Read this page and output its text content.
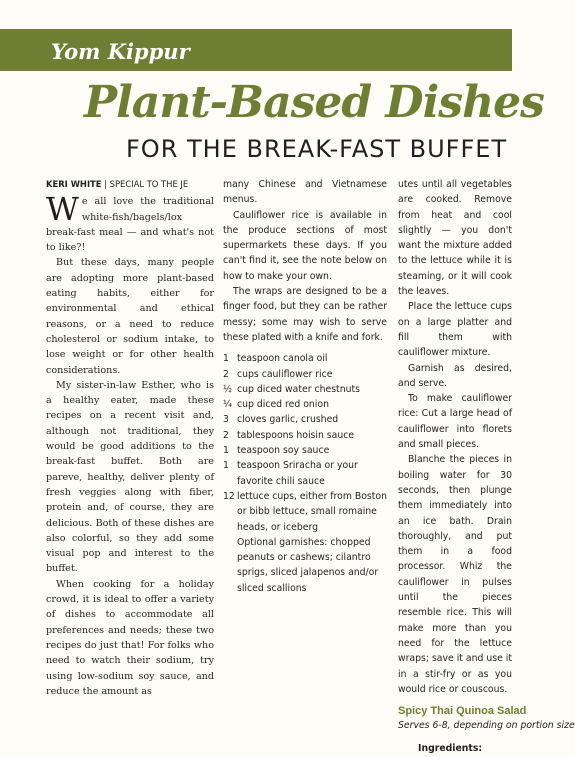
Yom Kippur
Plant-Based Dishes
FOR THE BREAK-FAST BUFFET
KERI WHITE | SPECIAL TO THE JE

We all love the traditional white-fish/bagels/lox break-fast meal — and what's not to like?!

But these days, many people are adopting more plant-based eating habits, either for environmental and ethical reasons, or a need to reduce cholesterol or sodium intake, to lose weight or for other health considerations.

My sister-in-law Esther, who is a healthy eater, made these recipes on a recent visit and, although not traditional, they would be good additions to the break-fast buffet. Both are pareve, healthy, deliver plenty of fresh veggies along with fiber, protein and, of course, they are delicious. Both of these dishes are also colorful, so they add some visual pop and interest to the buffet.

When cooking for a holiday crowd, it is ideal to offer a variety of dishes to accommodate all preferences and needs; these two recipes do just that! For folks who need to watch their sodium, try using low-sodium soy sauce, and reduce the amount as

many Chinese and Vietnamese menus.

Cauliflower rice is available in the produce sections of most supermarkets these days. If you can't find it, see the note below on how to make your own.

The wraps are designed to be a finger food, but they can be rather messy; some may wish to serve these plated with a knife and fork.

1 teaspoon canola oil
2 cups cauliflower rice
½ cup diced water chestnuts
¼ cup diced red onion
3 cloves garlic, crushed
2 tablespoons hoisin sauce
1 teaspoon soy sauce
1 teaspoon Sriracha or your favorite chili sauce
12 lettuce cups, either from Boston or bibb lettuce, small romaine heads, or iceberg
Optional garnishes: chopped peanuts or cashews; cilantro sprigs, sliced jalapenos and/or sliced scallions

utes until all vegetables are cooked. Remove from heat and cool slightly — you don't want the mixture added to the lettuce while it is steaming, or it will cook the leaves.

Place the lettuce cups on a large platter and fill them with cauliflower mixture.

Garnish as desired, and serve.

To make cauliflower rice: Cut a large head of cauliflower into florets and small pieces.

Blanche the pieces in boiling water for 30 seconds, then plunge them immediately into an ice bath. Drain thoroughly, and put them in a food processor. Whiz the cauliflower in pulses until the pieces resemble rice. This will make more than you need for the lettuce wraps; save it and use it in a stir-fry or as you would rice or couscous.

Spicy Thai Quinoa Salad
Serves 6-8, depending on portion size
Ingredients:
